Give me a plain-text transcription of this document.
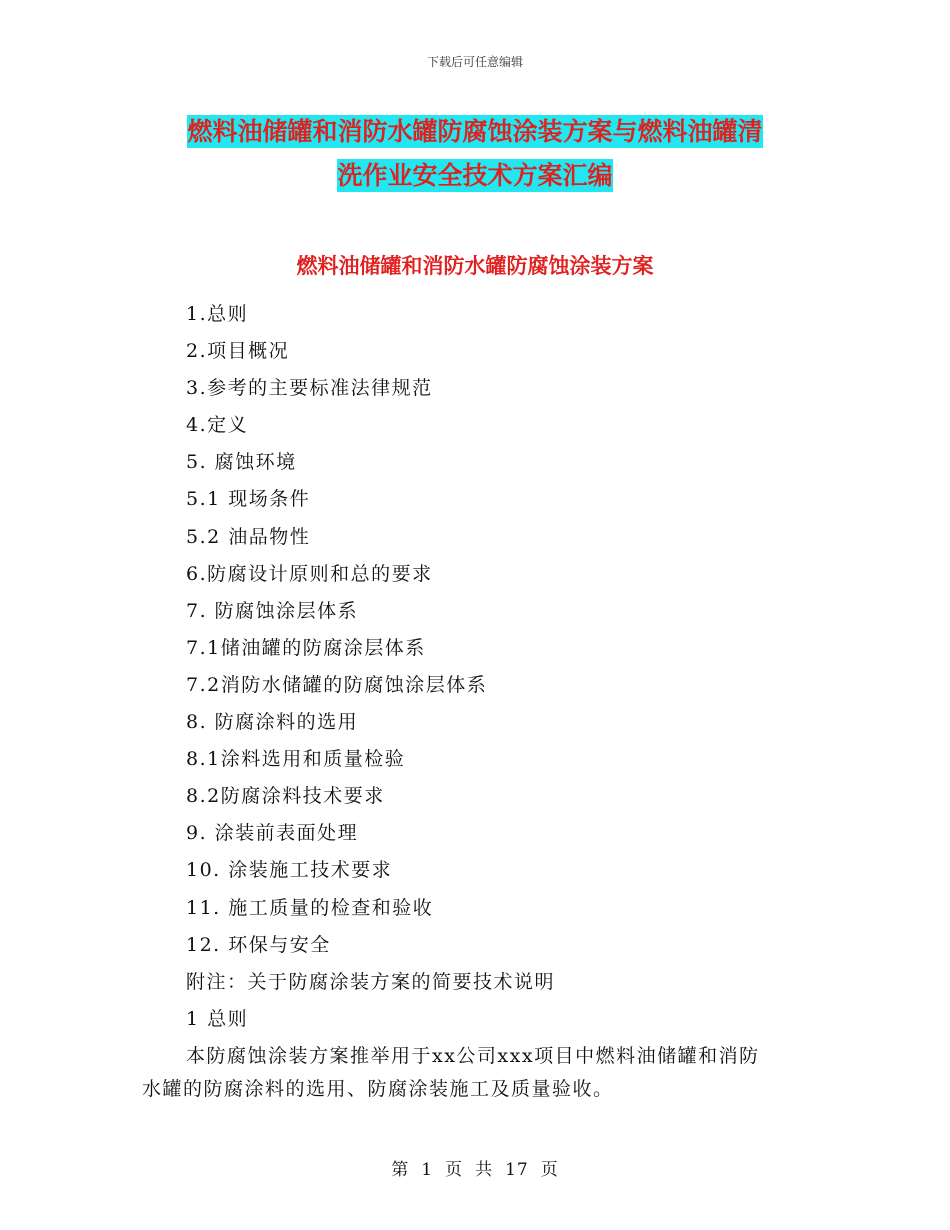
下载后可任意编辑
燃料油储罐和消防水罐防腐蚀涂装方案与燃料油罐清
洗作业安全技术方案汇编
燃料油储罐和消防水罐防腐蚀涂装方案
1.总则
2.项目概况
3.参考的主要标准法律规范
4.定义
5. 腐蚀环境
5.1 现场条件
5.2 油品物性
6.防腐设计原则和总的要求
7. 防腐蚀涂层体系
7.1储油罐的防腐涂层体系
7.2消防水储罐的防腐蚀涂层体系
8. 防腐涂料的选用
8.1涂料选用和质量检验
8.2防腐涂料技术要求
9. 涂装前表面处理
10. 涂装施工技术要求
11. 施工质量的检查和验收
12. 环保与安全
附注：关于防腐涂装方案的简要技术说明
1 总则
本防腐蚀涂装方案推举用于xx公司xxx项目中燃料油储罐和消防
水罐的防腐涂料的选用、防腐涂装施工及质量验收。
第 1 页 共 17 页
